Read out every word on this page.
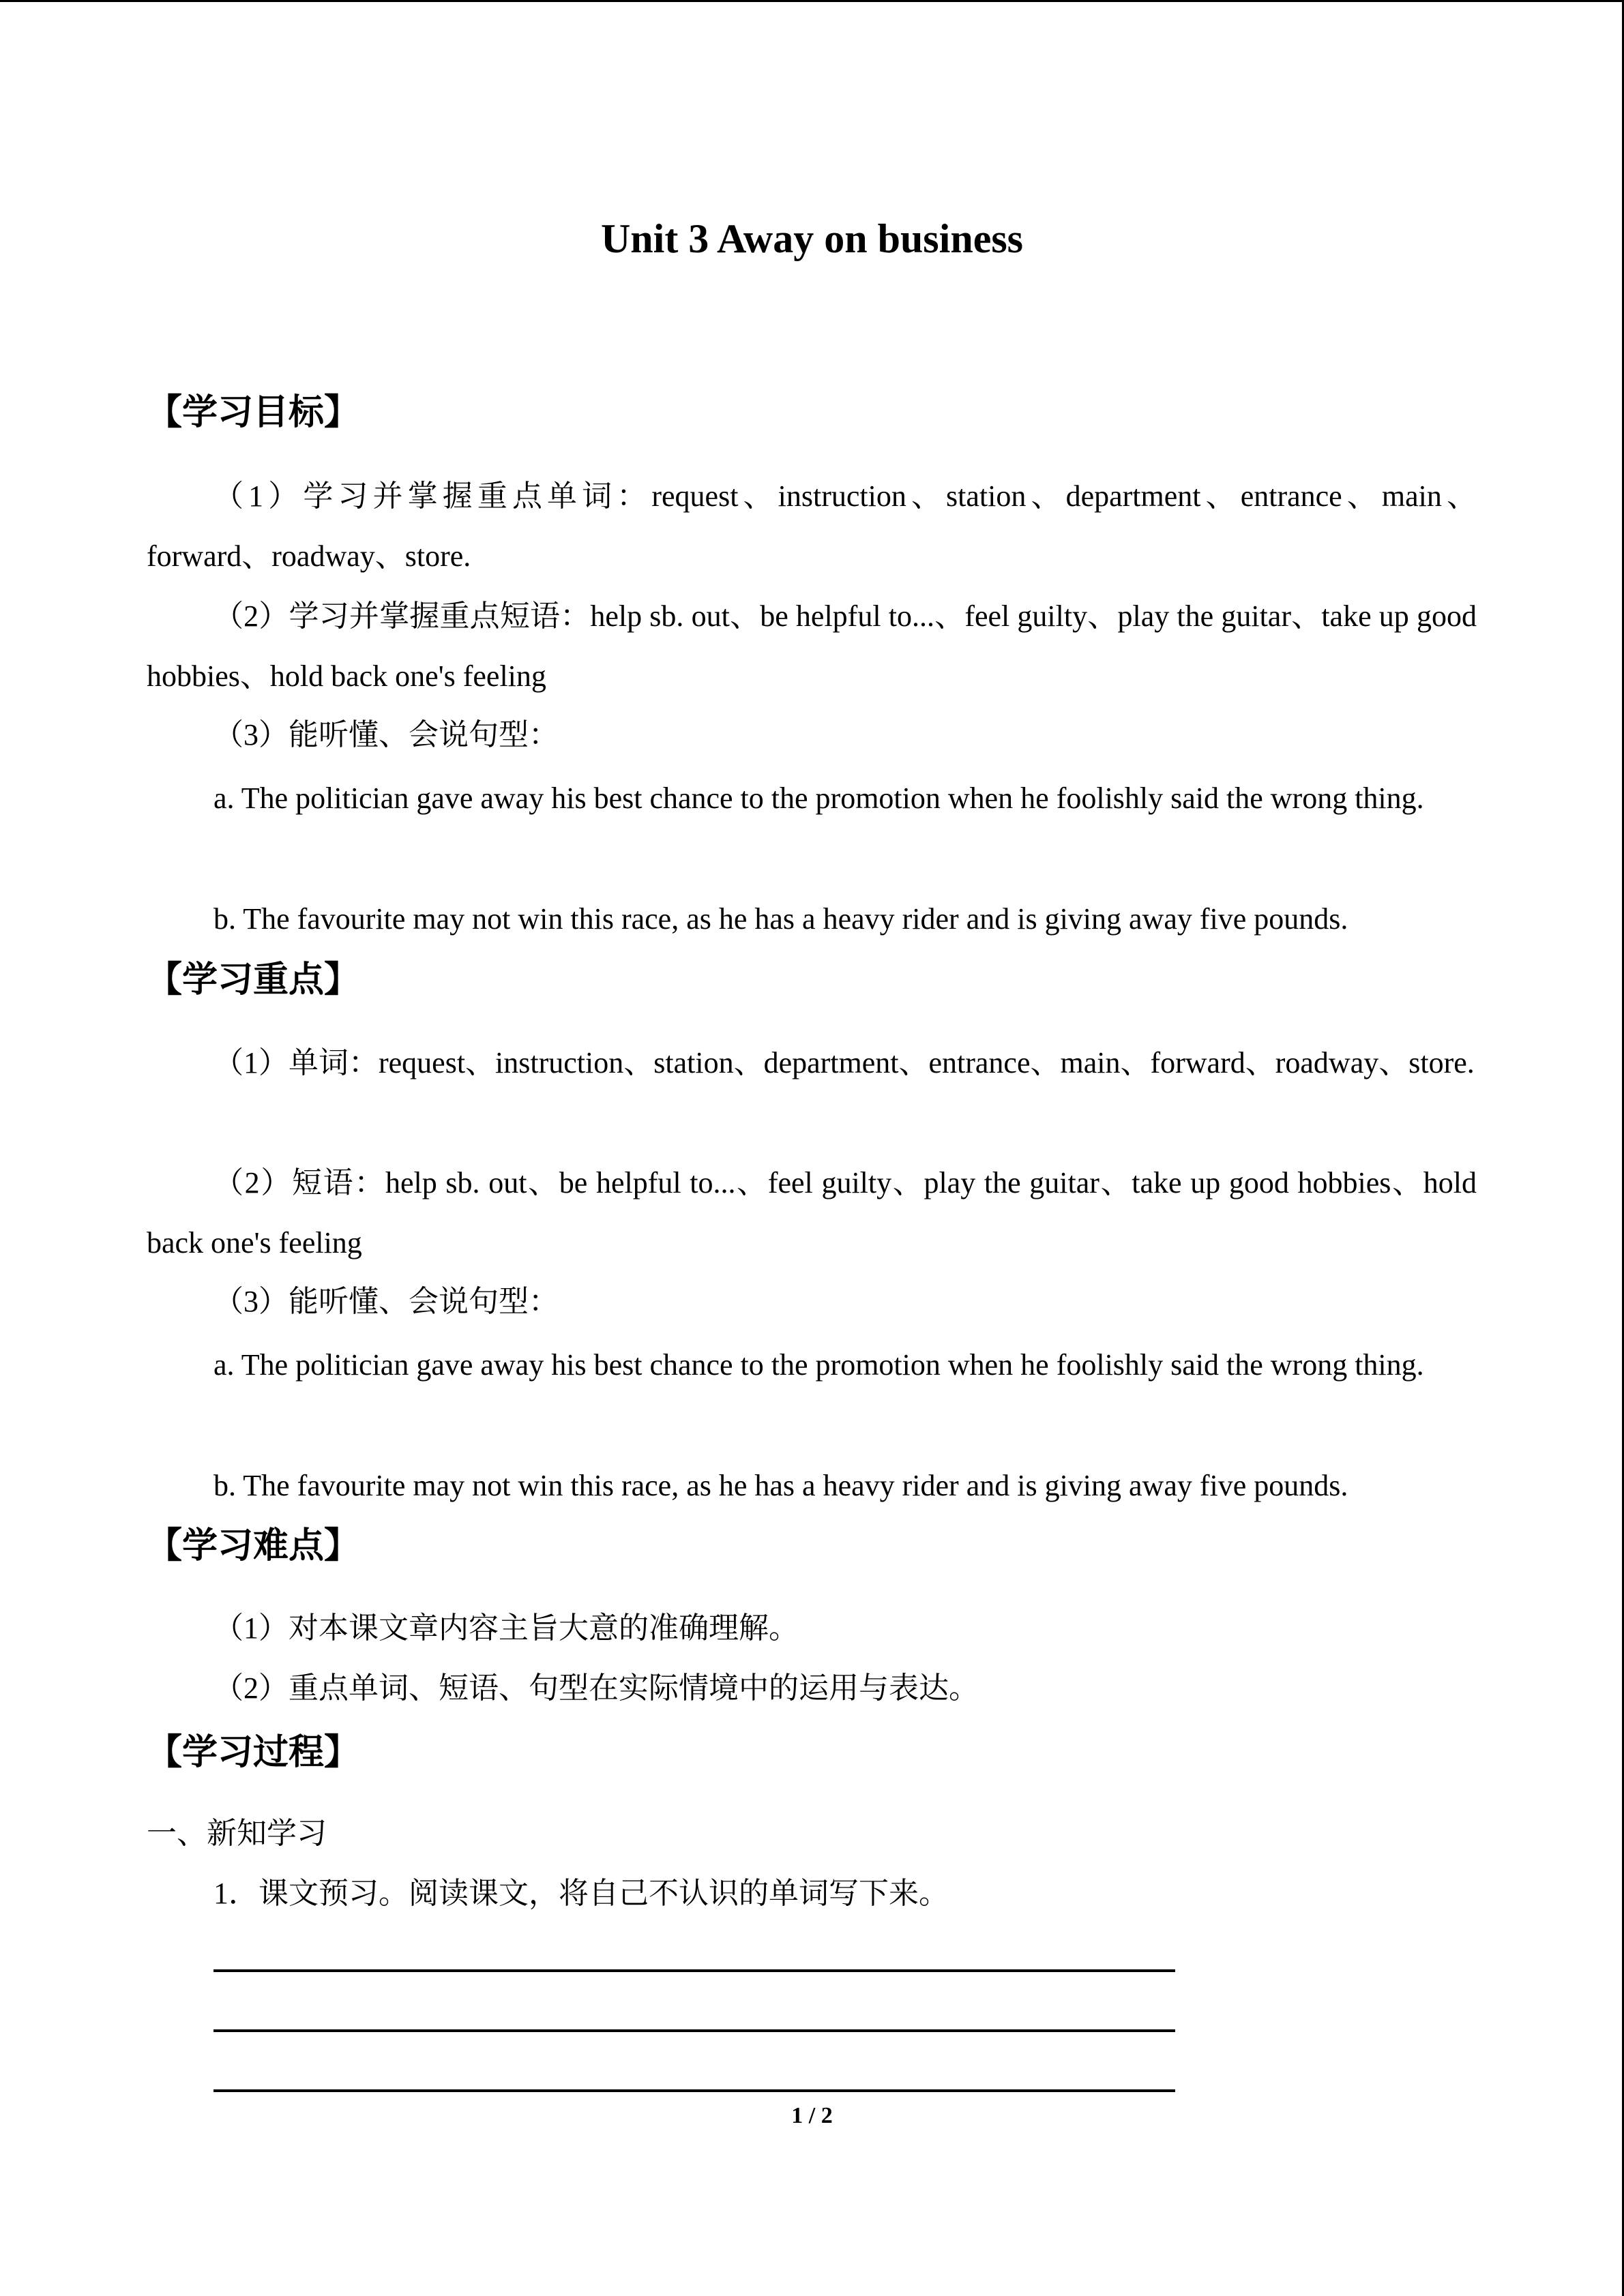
Unit 3 Away on business
【学习目标】
（1）学习并掌握重点单词：request、instruction、station、department、entrance、main、forward、roadway、store.
（2）学习并掌握重点短语：help sb. out、be helpful to...、feel guilty、play the guitar、take up good hobbies、hold back one's feeling
（3）能听懂、会说句型：
a. The politician gave away his best chance to the promotion when he foolishly said the wrong thing.
b. The favourite may not win this race, as he has a heavy rider and is giving away five pounds.
【学习重点】
（1）单词：request、instruction、station、department、entrance、main、forward、roadway、store.
（2）短语：help sb. out、be helpful to...、feel guilty、play the guitar、take up good hobbies、hold back one's feeling
（3）能听懂、会说句型：
a. The politician gave away his best chance to the promotion when he foolishly said the wrong thing.
b. The favourite may not win this race, as he has a heavy rider and is giving away five pounds.
【学习难点】
（1）对本课文章内容主旨大意的准确理解。
（2）重点单词、短语、句型在实际情境中的运用与表达。
【学习过程】
一、新知学习
1．课文预习。阅读课文，将自己不认识的单词写下来。
1 / 2
